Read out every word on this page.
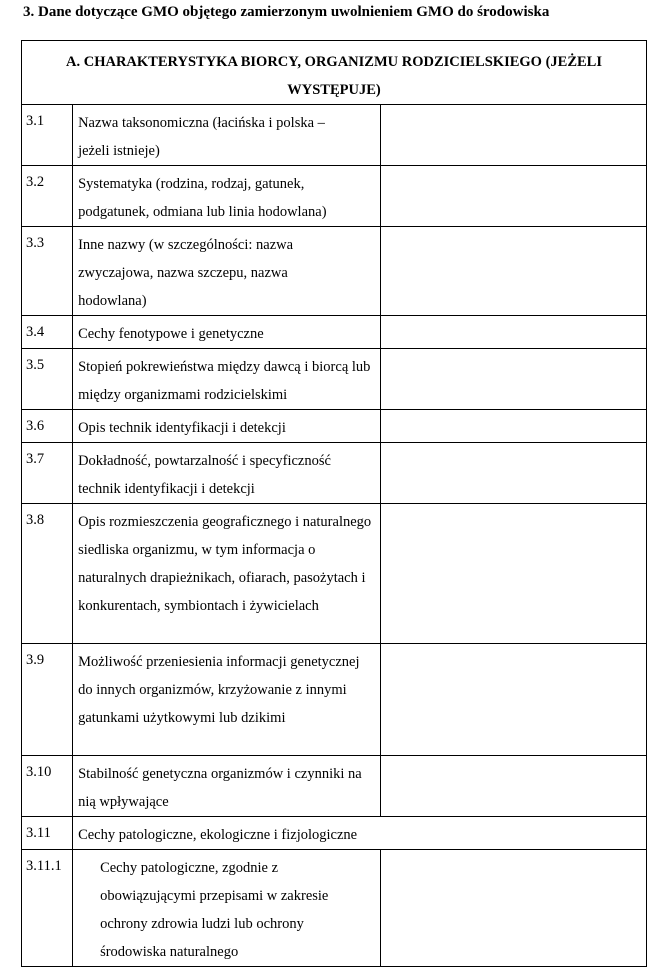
3. Dane dotyczące GMO objętego zamierzonym uwolnieniem GMO do środowiska
A. CHARAKTERYSTYKA BIORCY, ORGANIZMU RODZICIELSKIEGO (JEŻELI WYSTĘPUJE)		
3.1	Nazwa taksonomiczna (łacińska i polska – jeżeli istnieje)	
3.2	Systematyka (rodzina, rodzaj, gatunek, podgatunek, odmiana lub linia hodowlana)	
3.3	Inne nazwy (w szczególności: nazwa zwyczajowa, nazwa szczepu, nazwa hodowlana)	
3.4	Cechy fenotypowe i genetyczne	
3.5	Stopień pokrewieństwa między dawcą i biorcą lub między organizmami rodzicielskimi	
3.6	Opis technik identyfikacji i detekcji	
3.7	Dokładność, powtarzalność i specyficzność technik identyfikacji i detekcji	
3.8	Opis rozmieszczenia geograficznego i naturalnego siedliska organizmu, w tym informacja o naturalnych drapieżnikach, ofiarach, pasożytach i konkurentach, symbiontach i żywicielach	
3.9	Możliwość przeniesienia informacji genetycznej do innych organizmów, krzyżowanie z innymi gatunkami użytkowymi lub dzikimi	
3.10	Stabilność genetyczna organizmów i czynniki na nią wpływające	
3.11	Cechy patologiczne, ekologiczne i fizjologiczne	
3.11.1	Cechy patologiczne, zgodnie z obowiązującymi przepisami w zakresie ochrony zdrowia ludzi lub ochrony środowiska naturalnego	
